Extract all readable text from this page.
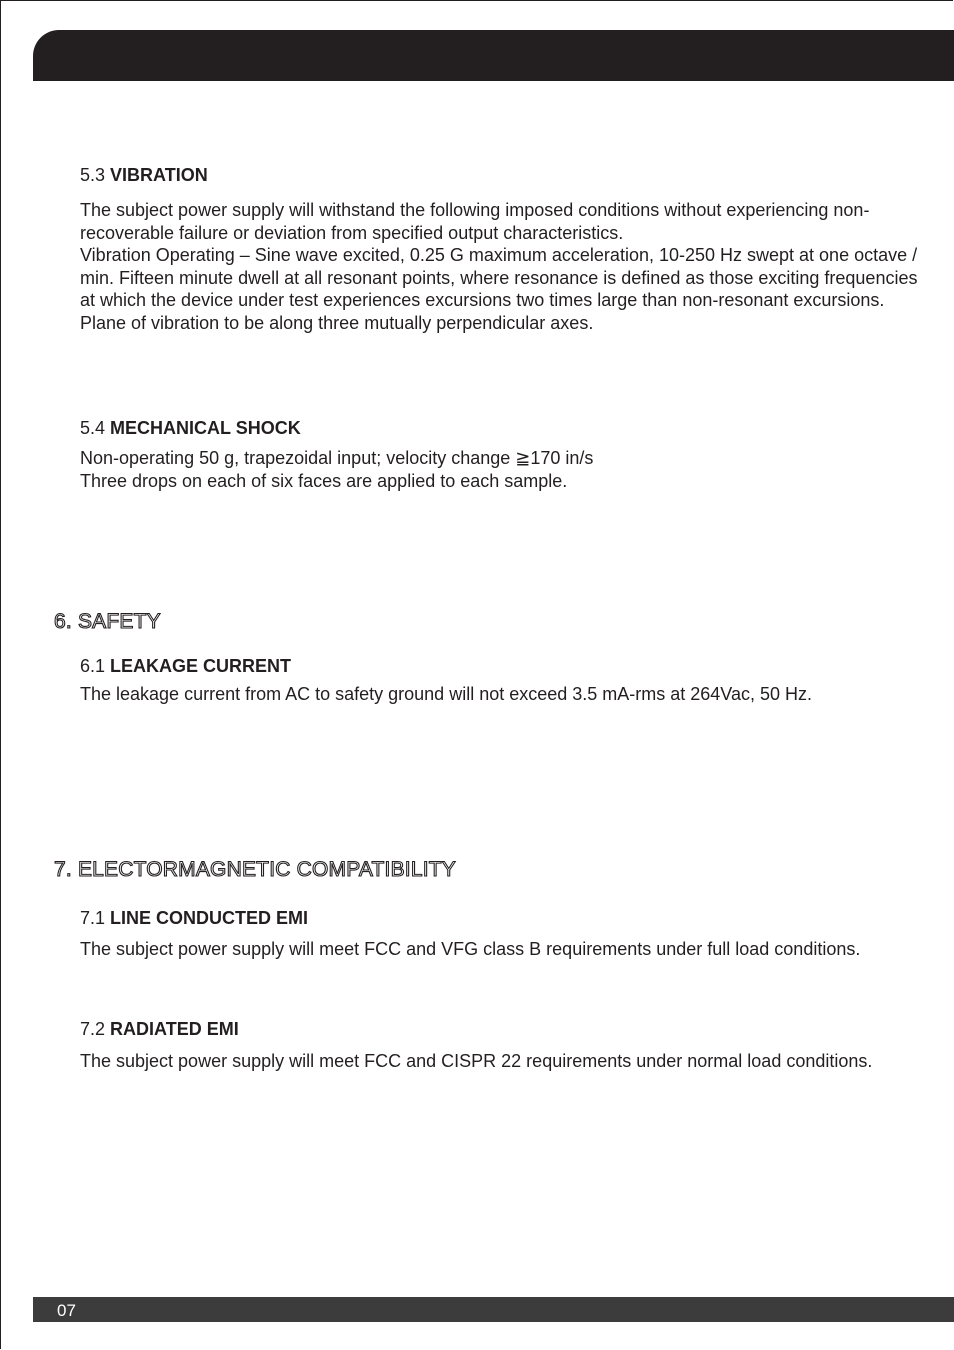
5.3 VIBRATION

The subject power supply will withstand the following imposed conditions without experiencing non-recoverable failure or deviation from specified output characteristics.

Vibration Operating – Sine wave excited, 0.25 G maximum acceleration, 10-250 Hz swept at one octave / min. Fifteen minute dwell at all resonant points, where resonance is defined as those exciting frequencies at which the device under test experiences excursions two times large than non-resonant excursions.

Plane of vibration to be along three mutually perpendicular axes.

5.4 MECHANICAL SHOCK

Non-operating 50 g, trapezoidal input; velocity change ≧170 in/s

Three drops on each of six faces are applied to each sample.

6. SAFETY
6.1 LEAKAGE CURRENT

The leakage current from AC to safety ground will not exceed 3.5 mA-rms at 264Vac, 50 Hz.

7. ELECTORMAGNETIC COMPATIBILITY
7.1 LINE CONDUCTED EMI

The subject power supply will meet FCC and VFG class B requirements under full load conditions.

7.2 RADIATED EMI

The subject power supply will meet FCC and CISPR 22 requirements under normal load conditions.

07
